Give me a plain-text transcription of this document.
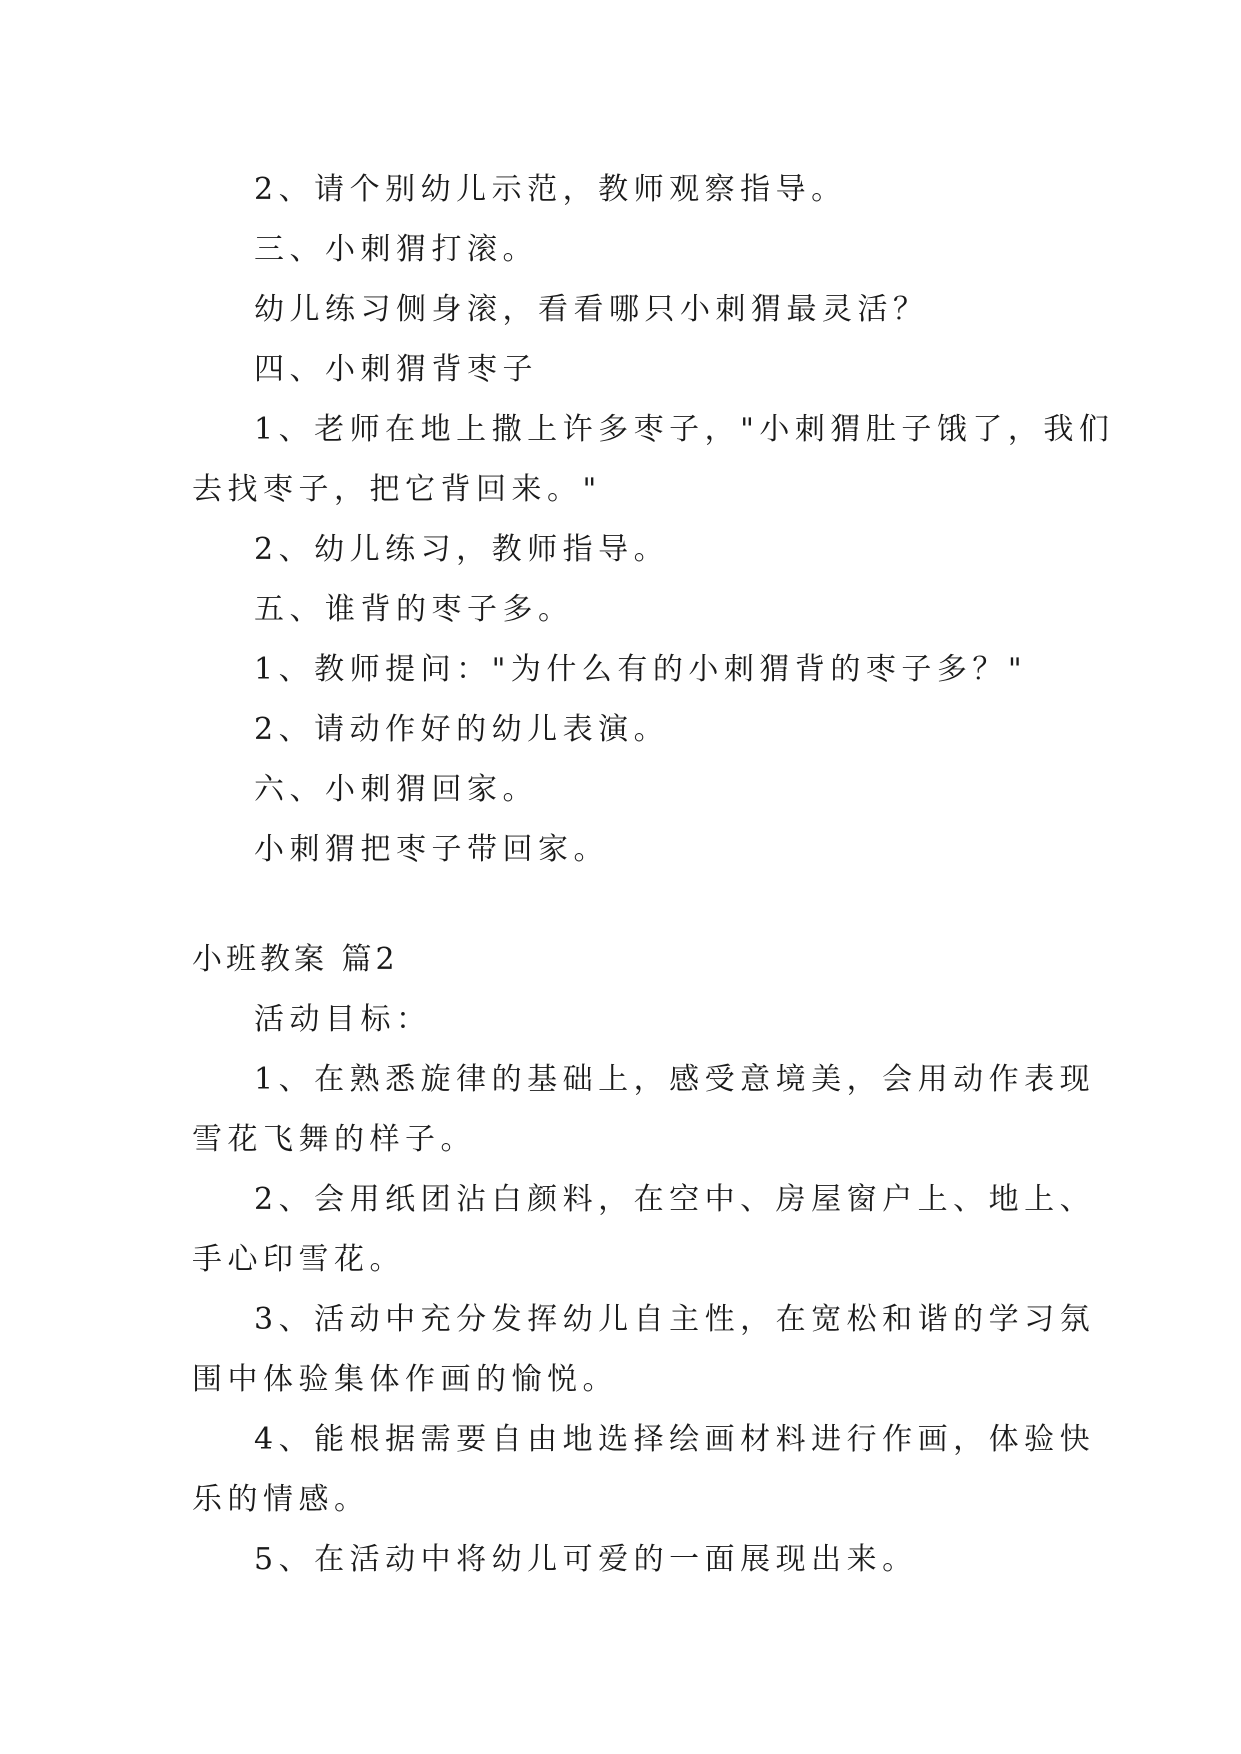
2、请个别幼儿示范，教师观察指导。

三、小刺猬打滚。

幼儿练习侧身滚，看看哪只小刺猬最灵活？

四、小刺猬背枣子

1、老师在地上撒上许多枣子，"小刺猬肚子饿了，我们

去找枣子，把它背回来。"

2、幼儿练习，教师指导。

五、谁背的枣子多。

1、教师提问："为什么有的小刺猬背的枣子多？"

2、请动作好的幼儿表演。

六、小刺猬回家。

小刺猬把枣子带回家。

小班教案 篇2

活动目标：

1、在熟悉旋律的基础上，感受意境美，会用动作表现

雪花飞舞的样子。

2、会用纸团沾白颜料，在空中、房屋窗户上、地上、

手心印雪花。

3、活动中充分发挥幼儿自主性，在宽松和谐的学习氛

围中体验集体作画的愉悦。

4、能根据需要自由地选择绘画材料进行作画，体验快

乐的情感。

5、在活动中将幼儿可爱的一面展现出来。
